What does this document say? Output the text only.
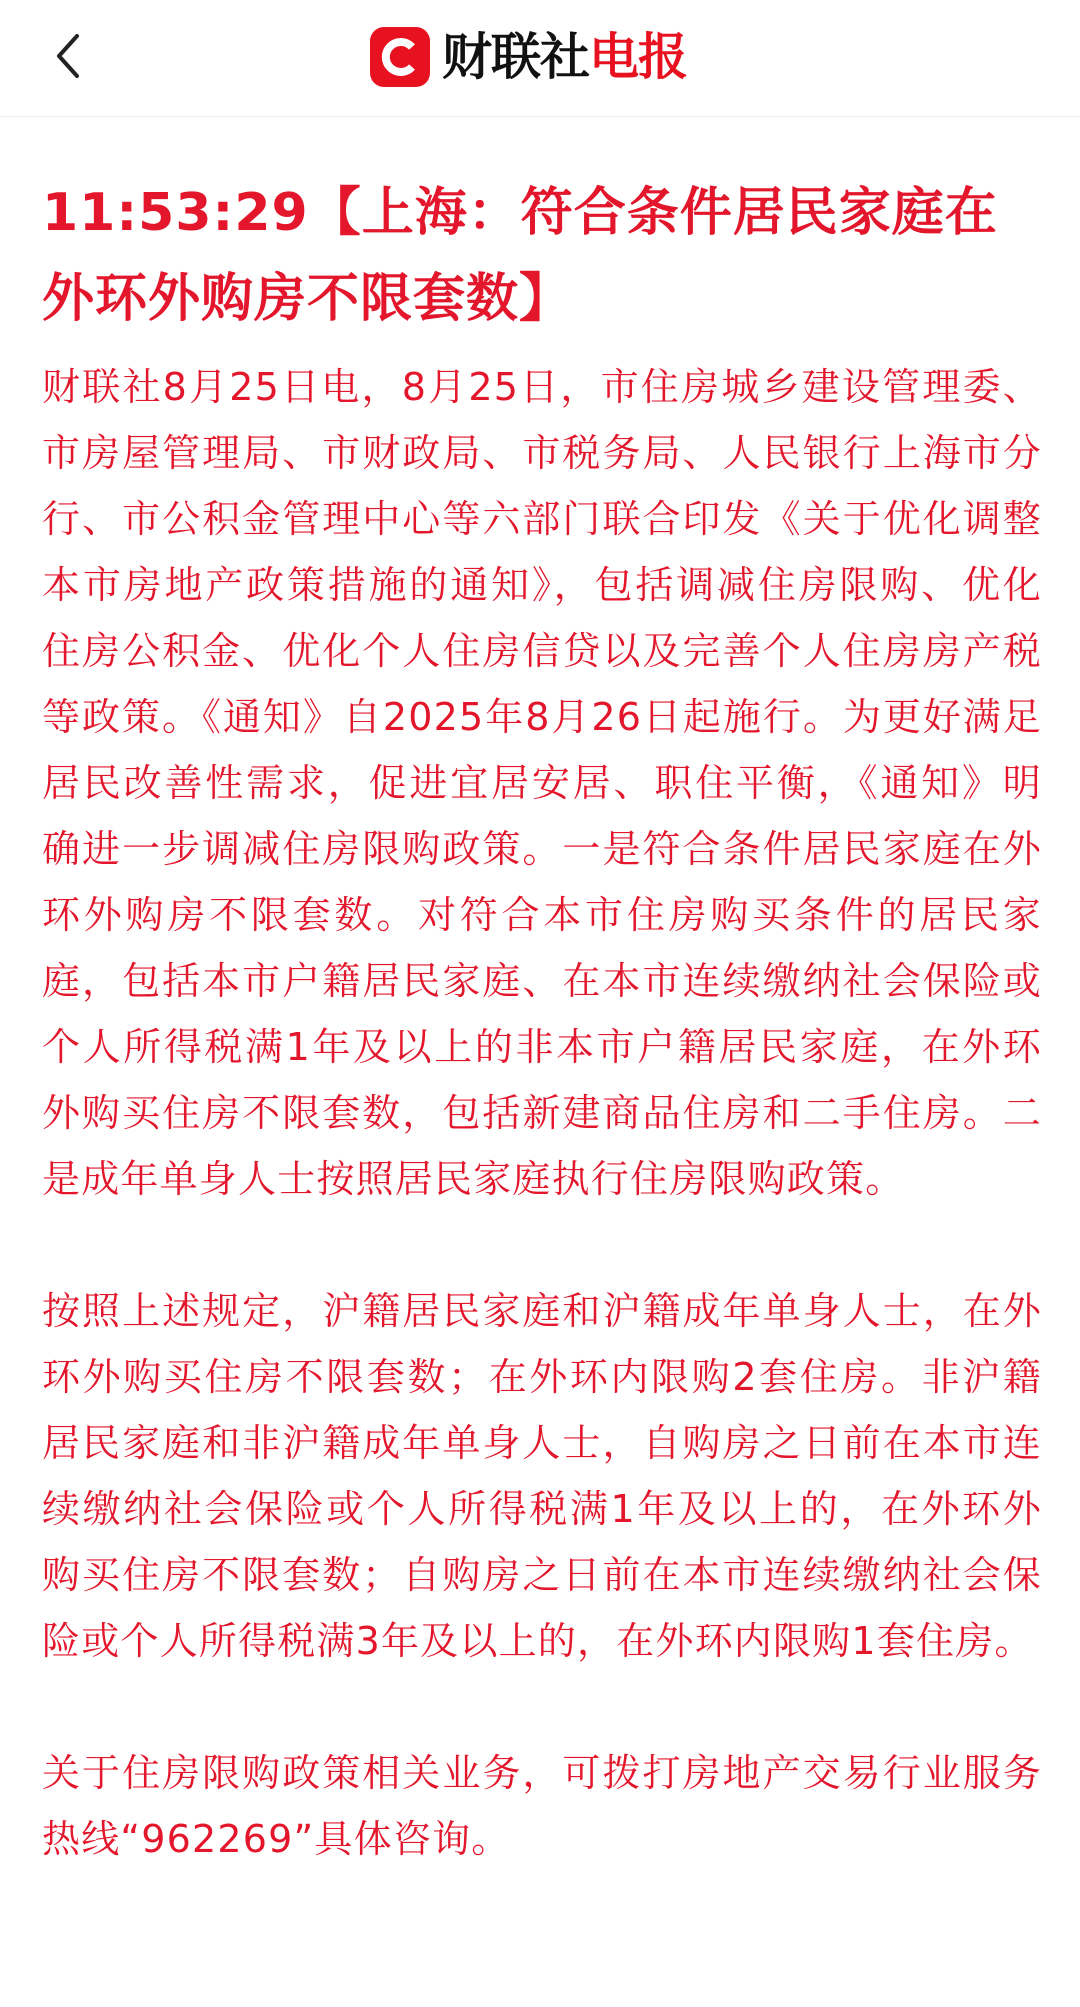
财联社 电报
11:53:29【上海：符合条件居民家庭在外环外购房不限套数】

财联社8月25日电，8月25日，市住房城乡建设管理委、市房屋管理局、市财政局、市税务局、人民银行上海市分行、市公积金管理中心等六部门联合印发《关于优化调整本市房地产政策措施的通知》，包括调减住房限购、优化住房公积金、优化个人住房信贷以及完善个人住房房产税等政策。《通知》自2025年8月26日起施行。为更好满足居民改善性需求，促进宜居安居、职住平衡，《通知》明确进一步调减住房限购政策。一是符合条件居民家庭在外环外购房不限套数。对符合本市住房购买条件的居民家庭，包括本市户籍居民家庭、在本市连续缴纳社会保险或个人所得税满1年及以上的非本市户籍居民家庭，在外环外购买住房不限套数，包括新建商品住房和二手住房。二是成年单身人士按照居民家庭执行住房限购政策。

按照上述规定，沪籍居民家庭和沪籍成年单身人士，在外环外购买住房不限套数；在外环内限购2套住房。非沪籍居民家庭和非沪籍成年单身人士，自购房之日前在本市连续缴纳社会保险或个人所得税满1年及以上的，在外环外购买住房不限套数；自购房之日前在本市连续缴纳社会保险或个人所得税满3年及以上的，在外环内限购1套住房。

关于住房限购政策相关业务，可拨打房地产交易行业服务热线“962269”具体咨询。
